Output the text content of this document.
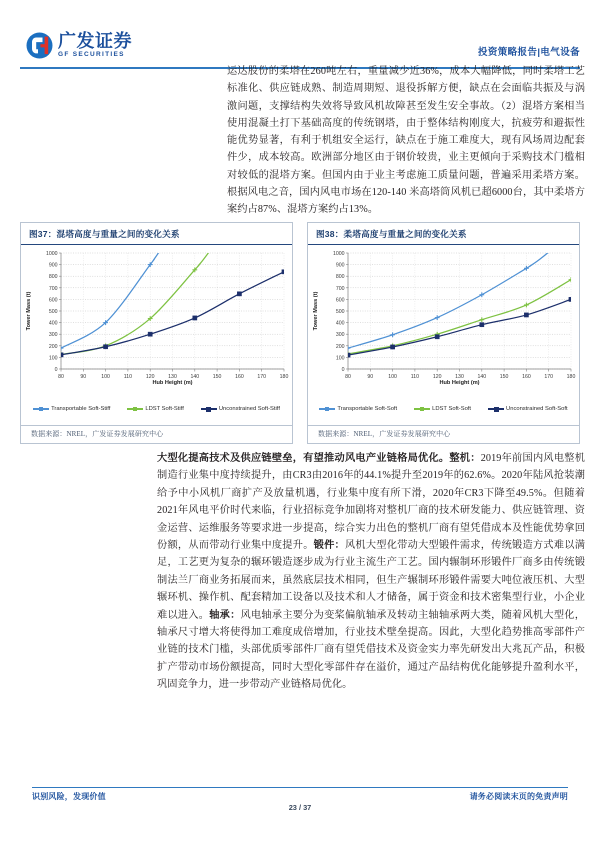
广发证券
GF SECURITIES	投资策略报告|电气设备
运达股份的柔塔在260吨左右，重量减少近36%，成本大幅降低，同时柔塔工艺标准化、供应链成熟、制造周期短、退役拆解方便，缺点在会面临共振及与涡激问题，支撑结构失效将导致风机故障甚至发生安全事故。（2）混塔方案相当使用混凝土打下基础高度的传统钢塔，由于整体结构刚度大，抗疲劳和避振性能优势显著，有利于机组安全运行，缺点在于施工难度大，现有风场周边配套件少，成本较高。欧洲部分地区由于钢价较贵，业主更倾向于采购技术门槛相对较低的混塔方案。但国内由于业主考虑施工质量问题，普遍采用柔塔方案。根据风电之音，国内风电市场在120-140 米高塔筒风机已超6000台，其中柔塔方案约占87%、混塔方案约占13%。
图37：混塔高度与重量之间的变化关系
0
100
200
300
400
500
600
700
800
900
1000
80	90	100	110	120	130	140	150	160	170	180
Hub Height (m)
Tower Mass (t)
Transportable Soft-Stiff	LDST Soft-Stiff	Unconstrained Soft-Stiff
数据来源：NREL，广发证券发展研究中心
图38：柔塔高度与重量之间的变化关系
0
100
200
300
400
500
600
700
800
900
1000
80	90	100	110	120	130	140	150	160	170	180
Hub Height (m)
Tower Mass (t)
Transportable Soft-Soft	LDST Soft-Soft	Unconstrained Soft-Soft
数据来源：NREL，广发证券发展研究中心
大型化提高技术及供应链壁垒，有望推动风电产业链格局优化。整机：2019年前国内风电整机制造行业集中度持续提升，由CR3由2016年的44.1%提升至2019年的62.6%。2020年陆风抢装潮给予中小风机厂商扩产及放量机遇，行业集中度有所下滑，2020年CR3下降至49.5%。但随着2021年风电平价时代来临，行业招标竞争加剧将对整机厂商的技术研发能力、供应链管理、资金运营、运维服务等要求进一步提高，综合实力出色的整机厂商有望凭借成本及性能优势拿回份额，从而带动行业集中度提升。锻件：风机大型化带动大型锻件需求，传统锻造方式难以满足，工艺更为复杂的辗环锻造逐步成为行业主流生产工艺。国内辗制环形锻件厂商多由传统锻制法兰厂商业务拓展而来，虽然底层技术相同，但生产辗制环形锻件需要大吨位液压机、大型辗环机、操作机、配套精加工设备以及技术和人才储备，属于资金和技术密集型行业，小企业难以进入。轴承：风电轴承主要分为变桨偏航轴承及转动主轴轴承两大类，随着风机大型化，轴承尺寸增大将使得加工难度成倍增加，行业技术壁垒提高。因此，大型化趋势推高零部件产业链的技术门槛，头部优质零部件厂商有望凭借技术及资金实力率先研发出大兆瓦产品，积极扩产带动市场份额提高，同时大型化零部件存在溢价，通过产品结构优化能够提升盈利水平，巩固竞争力，进一步带动产业链格局优化。
识别风险，发现价值	请务必阅读末页的免责声明
23 / 37
